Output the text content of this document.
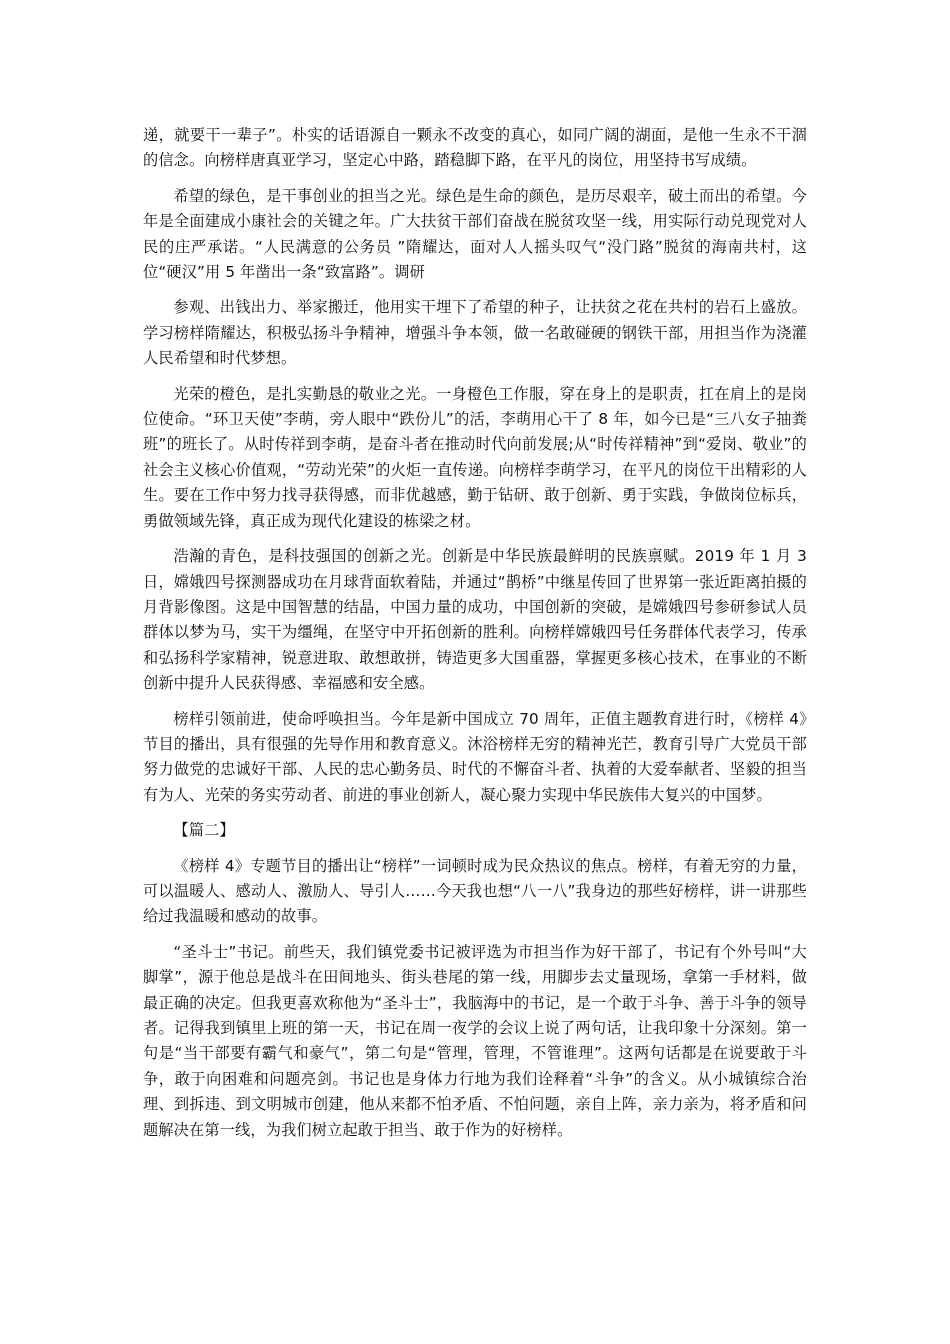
递，就要干一辈子”。朴实的话语源自一颗永不改变的真心，如同广阔的湖面，是他一生永不干涸的信念。向榜样唐真亚学习，坚定心中路，踏稳脚下路，在平凡的岗位，用坚持书写成绩。

希望的绿色，是干事创业的担当之光。绿色是生命的颜色，是历尽艰辛，破土而出的希望。今年是全面建成小康社会的关键之年。广大扶贫干部们奋战在脱贫攻坚一线，用实际行动兑现党对人民的庄严承诺。“人民满意的公务员 ”隋耀达，面对人人摇头叹气“没门路”脱贫的海南共村，这位“硬汉”用 5 年凿出一条“致富路”。调研

参观、出钱出力、举家搬迁，他用实干埋下了希望的种子，让扶贫之花在共村的岩石上盛放。学习榜样隋耀达，积极弘扬斗争精神，增强斗争本领，做一名敢碰硬的钢铁干部，用担当作为浇灌人民希望和时代梦想。

光荣的橙色，是扎实勤恳的敬业之光。一身橙色工作服，穿在身上的是职责，扛在肩上的是岗位使命。“环卫天使”李萌，旁人眼中“跌份儿”的活，李萌用心干了 8 年，如今已是“三八女子抽粪班”的班长了。从时传祥到李萌，是奋斗者在推动时代向前发展;从“时传祥精神”到“爱岗、敬业”的社会主义核心价值观，“劳动光荣”的火炬一直传递。向榜样李萌学习，在平凡的岗位干出精彩的人生。要在工作中努力找寻获得感，而非优越感，勤于钻研、敢于创新、勇于实践，争做岗位标兵，勇做领域先锋，真正成为现代化建设的栋梁之材。

浩瀚的青色，是科技强国的创新之光。创新是中华民族最鲜明的民族禀赋。2019 年 1 月 3 日，嫦娥四号探测器成功在月球背面软着陆，并通过“鹊桥”中继星传回了世界第一张近距离拍摄的月背影像图。这是中国智慧的结晶，中国力量的成功，中国创新的突破，是嫦娥四号参研参试人员群体以梦为马，实干为缰绳，在坚守中开拓创新的胜利。向榜样嫦娥四号任务群体代表学习，传承和弘扬科学家精神，锐意进取、敢想敢拼，铸造更多大国重器，掌握更多核心技术，在事业的不断创新中提升人民获得感、幸福感和安全感。

榜样引领前进，使命呼唤担当。今年是新中国成立 70 周年，正值主题教育进行时，《榜样 4》节目的播出，具有很强的先导作用和教育意义。沐浴榜样无穷的精神光芒，教育引导广大党员干部努力做党的忠诚好干部、人民的忠心勤务员、时代的不懈奋斗者、执着的大爱奉献者、坚毅的担当有为人、光荣的务实劳动者、前进的事业创新人，凝心聚力实现中华民族伟大复兴的中国梦。

【篇二】

《榜样 4》专题节目的播出让“榜样”一词顿时成为民众热议的焦点。榜样，有着无穷的力量，可以温暖人、感动人、激励人、导引人……今天我也想“八一八”我身边的那些好榜样，讲一讲那些给过我温暖和感动的故事。

“圣斗士”书记。前些天，我们镇党委书记被评选为市担当作为好干部了，书记有个外号叫“大脚掌”，源于他总是战斗在田间地头、街头巷尾的第一线，用脚步去丈量现场，拿第一手材料，做最正确的决定。但我更喜欢称他为“圣斗士”，我脑海中的书记，是一个敢于斗争、善于斗争的领导者。记得我到镇里上班的第一天，书记在周一夜学的会议上说了两句话，让我印象十分深刻。第一句是“当干部要有霸气和豪气”，第二句是“管理，管理，不管谁理”。这两句话都是在说要敢于斗争，敢于向困难和问题亮剑。书记也是身体力行地为我们诠释着“斗争”的含义。从小城镇综合治理、到拆违、到文明城市创建，他从来都不怕矛盾、不怕问题，亲自上阵，亲力亲为，将矛盾和问题解决在第一线，为我们树立起敢于担当、敢于作为的好榜样。
